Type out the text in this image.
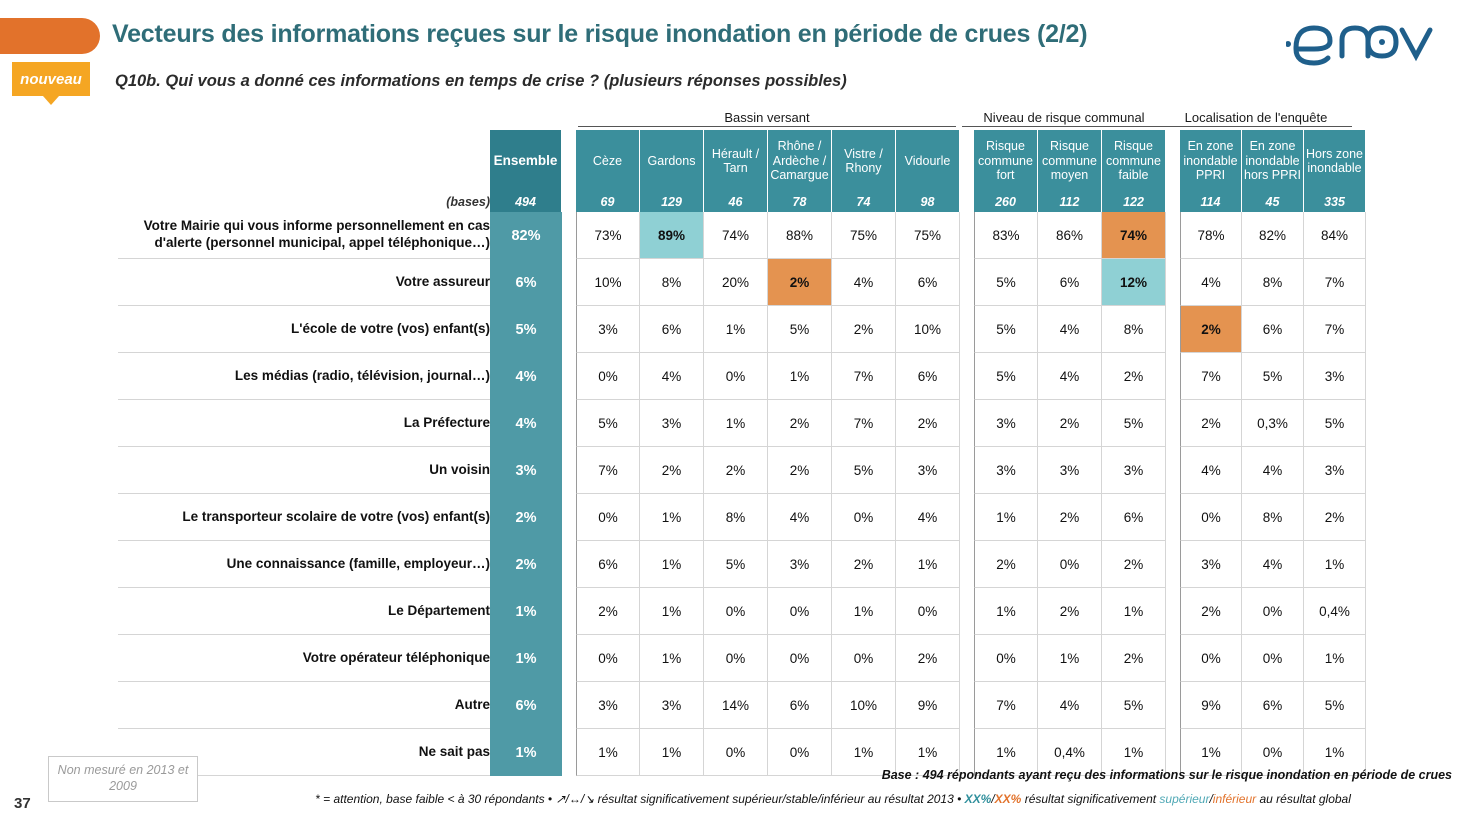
nouveau
Vecteurs des informations reçues sur le risque inondation en période de crues (2/2)
Q10b. Qui vous a donné ces informations en temps de crise ? (plusieurs réponses possibles)
Bassin versant	Niveau de risque communal	Localisation de l'enquête
	Ensemble		Cèze	Gardons	Hérault / Tarn	Rhône / Ardèche / Camargue	Vistre / Rhony	Vidourle		Risque commune fort	Risque commune moyen	Risque commune faible		En zone inondable PPRI	En zone inondable hors PPRI	Hors zone inondable
(bases)	494		69	129	46	78	74	98		260	112	122		114	45	335
Votre Mairie qui vous informe personnellement en cas d'alerte (personnel municipal, appel téléphonique…)	82%		73%	89%	74%	88%	75%	75%		83%	86%	74%		78%	82%	84%
Votre assureur	6%		10%	8%	20%	2%	4%	6%		5%	6%	12%		4%	8%	7%
L'école de votre (vos) enfant(s)	5%		3%	6%	1%	5%	2%	10%		5%	4%	8%		2%	6%	7%
Les médias (radio, télévision, journal…)	4%		0%	4%	0%	1%	7%	6%		5%	4%	2%		7%	5%	3%
La Préfecture	4%		5%	3%	1%	2%	7%	2%		3%	2%	5%		2%	0,3%	5%
Un voisin	3%		7%	2%	2%	2%	5%	3%		3%	3%	3%		4%	4%	3%
Le transporteur scolaire de votre (vos) enfant(s)	2%		0%	1%	8%	4%	0%	4%		1%	2%	6%		0%	8%	2%
Une connaissance (famille, employeur…)	2%		6%	1%	5%	3%	2%	1%		2%	0%	2%		3%	4%	1%
Le Département	1%		2%	1%	0%	0%	1%	0%		1%	2%	1%		2%	0%	0,4%
Votre opérateur téléphonique	1%		0%	1%	0%	0%	0%	2%		0%	1%	2%		0%	0%	1%
Autre	6%		3%	3%	14%	6%	10%	9%		7%	4%	5%		9%	6%	5%
Ne sait pas	1%		1%	1%	0%	0%	1%	1%		1%	0,4%	1%		1%	0%	1%
37
Non mesuré en 2013 et 2009
Base : 494 répondants ayant reçu des informations sur le risque inondation en période de crues
* = attention, base faible < à 30 répondants • ↗/↔/↘ résultat significativement supérieur/stable/inférieur au résultat 2013 • XX%/XX% résultat significativement supérieur/inférieur au résultat global
